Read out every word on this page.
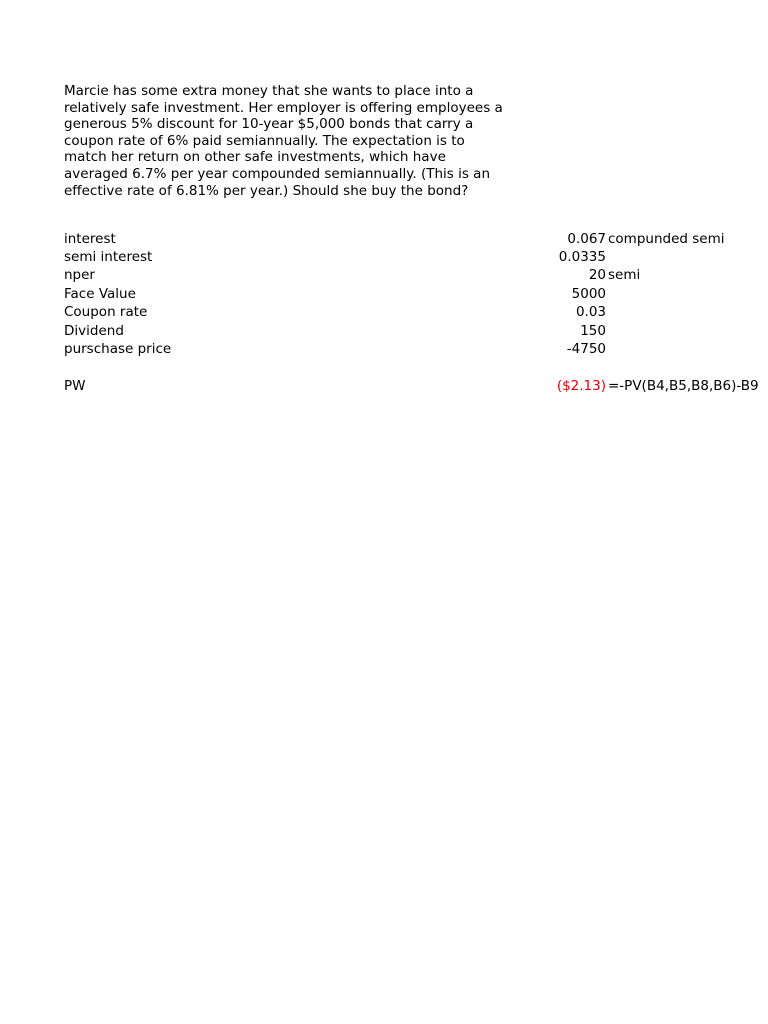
Marcie has some extra money that she wants to place into a
relatively safe investment. Her employer is offering employees a
generous 5% discount for 10-year $5,000 bonds that carry a
coupon rate of 6% paid semiannually. The expectation is to
match her return on other safe investments, which have
averaged 6.7% per year compounded semiannually. (This is an
effective rate of 6.81% per year.) Should she buy the bond?
interest	0.067 compunded semi
semi interest	0.0335
nper	20 semi
Face Value	5000
Coupon rate	0.03
Dividend	150
purschase price	-4750
PW	($2.13) =-PV(B4,B5,B8,B6)-B9
